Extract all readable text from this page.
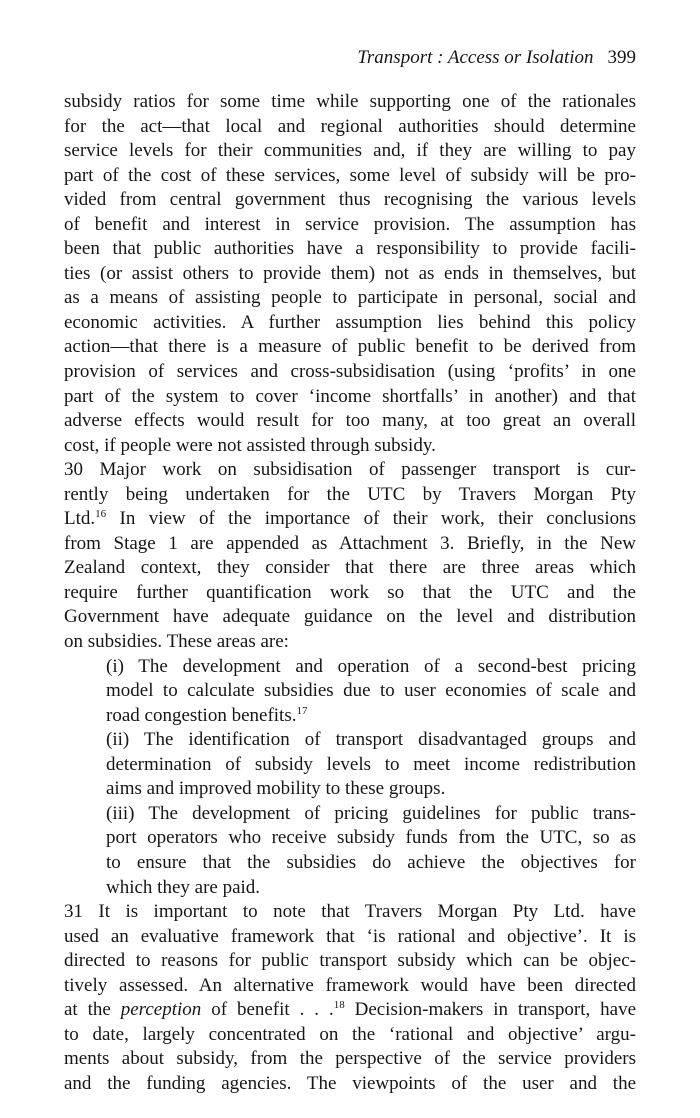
Transport : Access or Isolation 399
subsidy ratios for some time while supporting one of the rationales
for the act—that local and regional authorities should determine
service levels for their communities and, if they are willing to pay
part of the cost of these services, some level of subsidy will be pro-
vided from central government thus recognising the various levels
of benefit and interest in service provision. The assumption has
been that public authorities have a responsibility to provide facili-
ties (or assist others to provide them) not as ends in themselves, but
as a means of assisting people to participate in personal, social and
economic activities. A further assumption lies behind this policy
action—that there is a measure of public benefit to be derived from
provision of services and cross-subsidisation (using ‘profits’ in one
part of the system to cover ‘income shortfalls’ in another) and that
adverse effects would result for too many, at too great an overall
cost, if people were not assisted through subsidy.
30 Major work on subsidisation of passenger transport is cur-
rently being undertaken for the UTC by Travers Morgan Pty
Ltd.$^{16}$ In view of the importance of their work, their conclusions
from Stage 1 are appended as Attachment 3. Briefly, in the New
Zealand context, they consider that there are three areas which
require further quantification work so that the UTC and the
Government have adequate guidance on the level and distribution
on subsidies. These areas are:
(i) The development and operation of a second-best pricing
model to calculate subsidies due to user economies of scale and
road congestion benefits.$^{17}$
(ii) The identification of transport disadvantaged groups and
determination of subsidy levels to meet income redistribution
aims and improved mobility to these groups.
(iii) The development of pricing guidelines for public trans-
port operators who receive subsidy funds from the UTC, so as
to ensure that the subsidies do achieve the objectives for
which they are paid.
31 It is important to note that Travers Morgan Pty Ltd. have
used an evaluative framework that ‘is rational and objective’. It is
directed to reasons for public transport subsidy which can be objec-
tively assessed. An alternative framework would have been directed
at the perception of benefit . . .$^{18}$ Decision-makers in transport, have
to date, largely concentrated on the ‘rational and objective’ argu-
ments about subsidy, from the perspective of the service providers
and the funding agencies. The viewpoints of the user and the
